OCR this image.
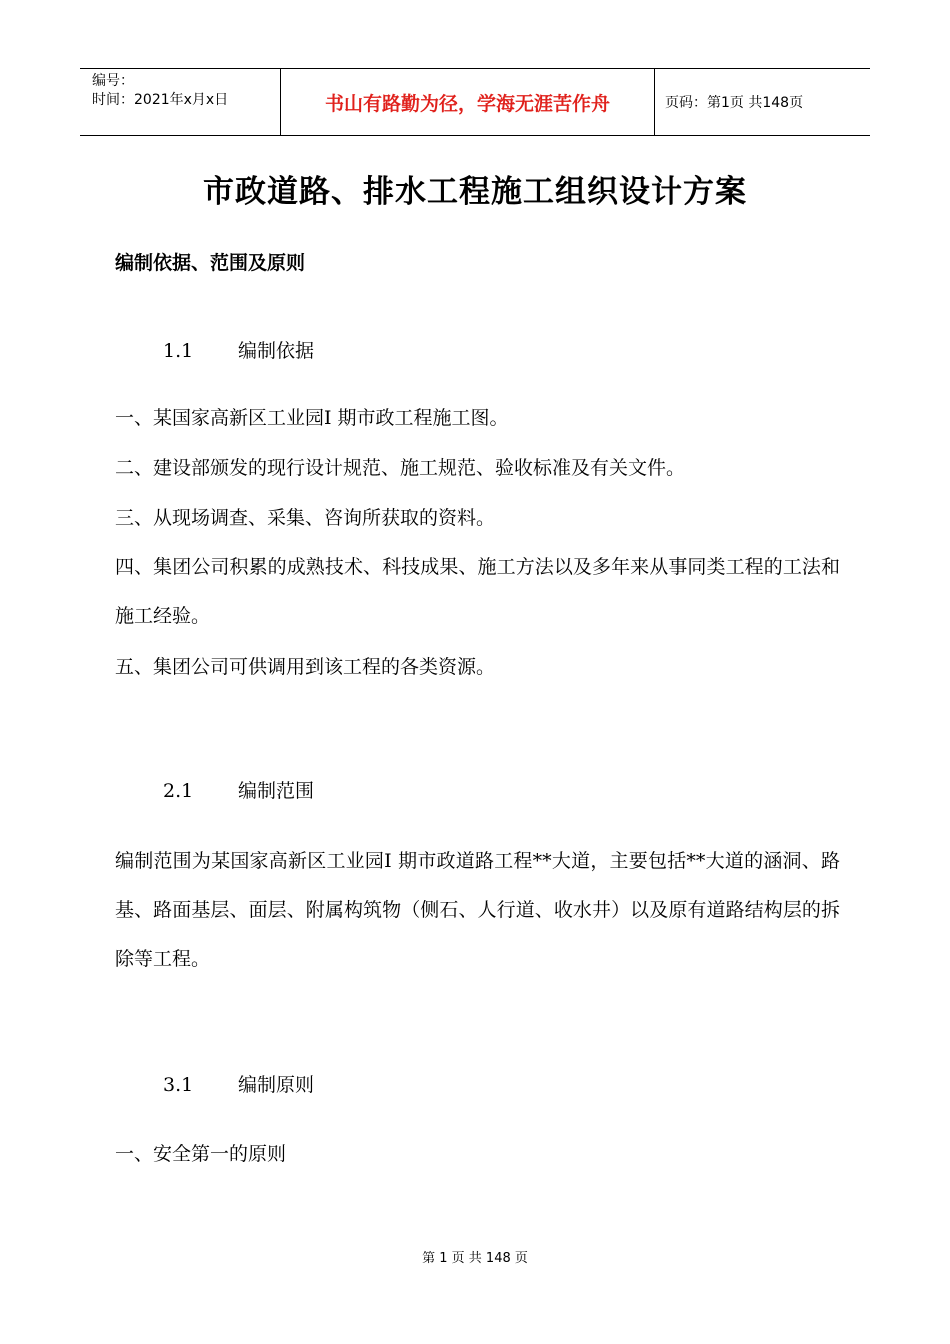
编号：
时间：2021年x月x日	书山有路勤为径，学海无涯苦作舟	页码：第1页 共148页
市政道路、排水工程施工组织设计方案
编制依据、范围及原则
1.1 编制依据
一、某国家高新区工业园Ⅰ 期市政工程施工图。
二、建设部颁发的现行设计规范、施工规范、验收标准及有关文件。
三、从现场调查、采集、咨询所获取的资料。
四、集团公司积累的成熟技术、科技成果、施工方法以及多年来从事同类工程的工法和施工经验。
五、集团公司可供调用到该工程的各类资源。
2.1 编制范围
编制范围为某国家高新区工业园Ⅰ 期市政道路工程**大道，主要包括**大道的涵洞、路基、路面基层、面层、附属构筑物（侧石、人行道、收水井）以及原有道路结构层的拆除等工程。
3.1 编制原则
一、安全第一的原则
第 1 页 共 148 页
